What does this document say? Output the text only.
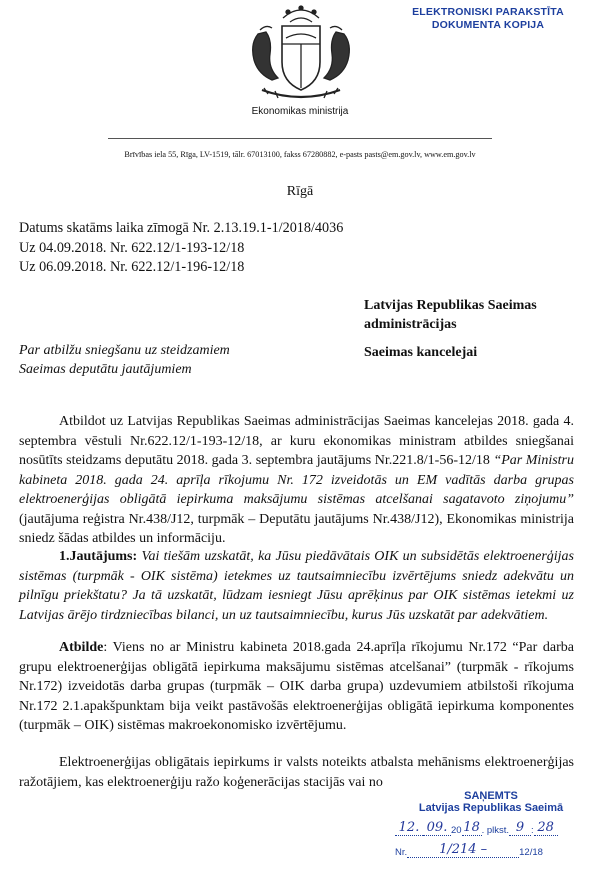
ELEKTRONISKI PARAKSTĪTA
DOKUMENTA KOPIJA
Ekonomikas ministrija
Brīvības iela 55, Rīga, LV-1519, tālr. 67013100, fakss 67280882, e-pasts pasts@em.gov.lv, www.em.gov.lv
Rīgā
Datums skatāms laika zīmogā Nr. 2.13.19.1-1/2018/4036
Uz 04.09.2018. Nr. 622.12/1-193-12/18
Uz 06.09.2018. Nr. 622.12/1-196-12/18
Latvijas Republikas Saeimas
administrācijas
Saeimas kancelejai
Par atbilžu sniegšanu uz steidzamiem
Saeimas deputātu jautājumiem

Atbildot uz Latvijas Republikas Saeimas administrācijas Saeimas kancelejas 2018. gada 4. septembra vēstuli Nr.622.12/1-193-12/18, ar kuru ekonomikas ministram atbildes sniegšanai nosūtīts steidzams deputātu 2018. gada 3. septembra jautājums Nr.221.8/1-56-12/18 “Par Ministru kabineta 2018. gada 24. aprīļa rīkojumu Nr. 172 izveidotās un EM vadītās darba grupas elektroenerģijas obligātā iepirkuma maksājumu sistēmas atcelšanai sagatavoto ziņojumu” (jautājuma reģistra Nr.438/J12, turpmāk – Deputātu jautājums Nr.438/J12), Ekonomikas ministrija sniedz šādas atbildes un informāciju.

1.Jautājums: Vai tiešām uzskatāt, ka Jūsu piedāvātais OIK un subsidētās elektroenerģijas sistēmas (turpmāk - OIK sistēma) ietekmes uz tautsaimniecību izvērtējums sniedz adekvātu un pilnīgu priekštatu? Ja tā uzskatāt, lūdzam iesniegt Jūsu aprēķinus par OIK sistēmas ietekmi uz Latvijas ārējo tirdzniecības bilanci, un uz tautsaimniecību, kurus Jūs uzskatāt par adekvātiem.

Atbilde: Viens no ar Ministru kabineta 2018.gada 24.aprīļa rīkojumu Nr.172 “Par darba grupu elektroenerģijas obligātā iepirkuma maksājumu sistēmas atcelšanai” (turpmāk - rīkojums Nr.172) izveidotās darba grupas (turpmāk – OIK darba grupa) uzdevumiem atbilstoši rīkojuma Nr.172 2.1.apakšpunktam bija veikt pastāvošās elektroenerģijas obligātā iepirkuma komponentes (turpmāk – OIK) sistēmas makroekonomisko izvērtējumu.

Elektroenerģijas obligātais iepirkums ir valsts noteikts atbalsta mehānisms elektroenerģijas ražotājiem, kas elektroenerģiju ražo koģenerācijas stacijās vai no

SAŅEMTS
Latvijas Republikas Saeimā
12. 09. 20 18 . plkst. 9 : 28
Nr.	1/214 –	12/18
